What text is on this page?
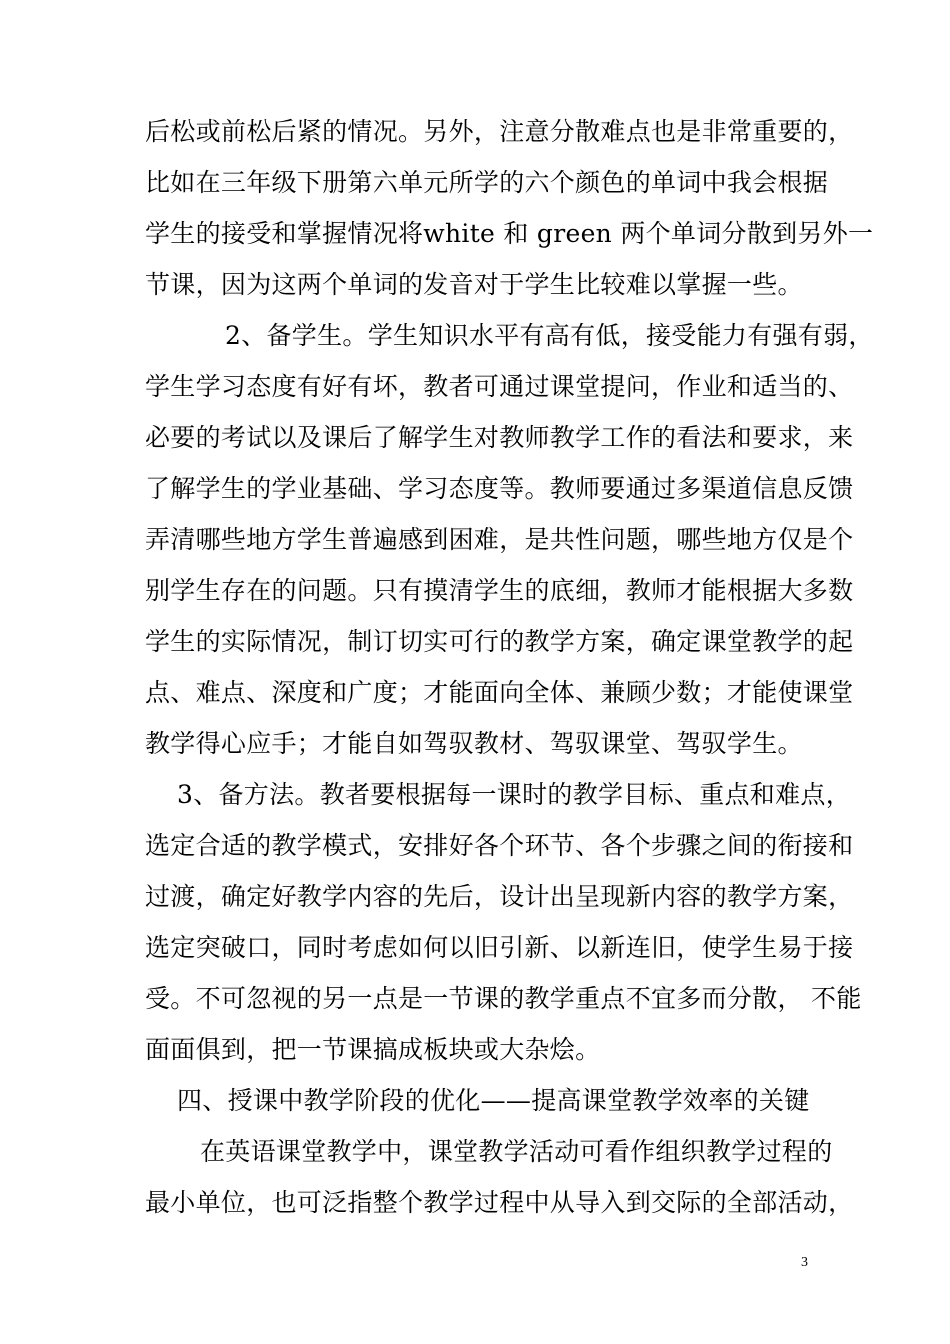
后松或前松后紧的情况。另外，注意分散难点也是非常重要的，
比如在三年级下册第六单元所学的六个颜色的单词中我会根据
学生的接受和掌握情况将white 和 green 两个单词分散到另外一
节课，因为这两个单词的发音对于学生比较难以掌握一些。
2、备学生。学生知识水平有高有低，接受能力有强有弱，
学生学习态度有好有坏，教者可通过课堂提问，作业和适当的、
必要的考试以及课后了解学生对教师教学工作的看法和要求，来
了解学生的学业基础、学习态度等。教师要通过多渠道信息反馈
弄清哪些地方学生普遍感到困难，是共性问题，哪些地方仅是个
别学生存在的问题。只有摸清学生的底细，教师才能根据大多数
学生的实际情况，制订切实可行的教学方案，确定课堂教学的起
点、难点、深度和广度；才能面向全体、兼顾少数；才能使课堂
教学得心应手；才能自如驾驭教材、驾驭课堂、驾驭学生。
3、备方法。教者要根据每一课时的教学目标、重点和难点，
选定合适的教学模式，安排好各个环节、各个步骤之间的衔接和
过渡，确定好教学内容的先后，设计出呈现新内容的教学方案，
选定突破口，同时考虑如何以旧引新、以新连旧，使学生易于接
受。不可忽视的另一点是一节课的教学重点不宜多而分散， 不能
面面俱到，把一节课搞成板块或大杂烩。
四、授课中教学阶段的优化——提高课堂教学效率的关键
在英语课堂教学中，课堂教学活动可看作组织教学过程的
最小单位，也可泛指整个教学过程中从导入到交际的全部活动，
3
